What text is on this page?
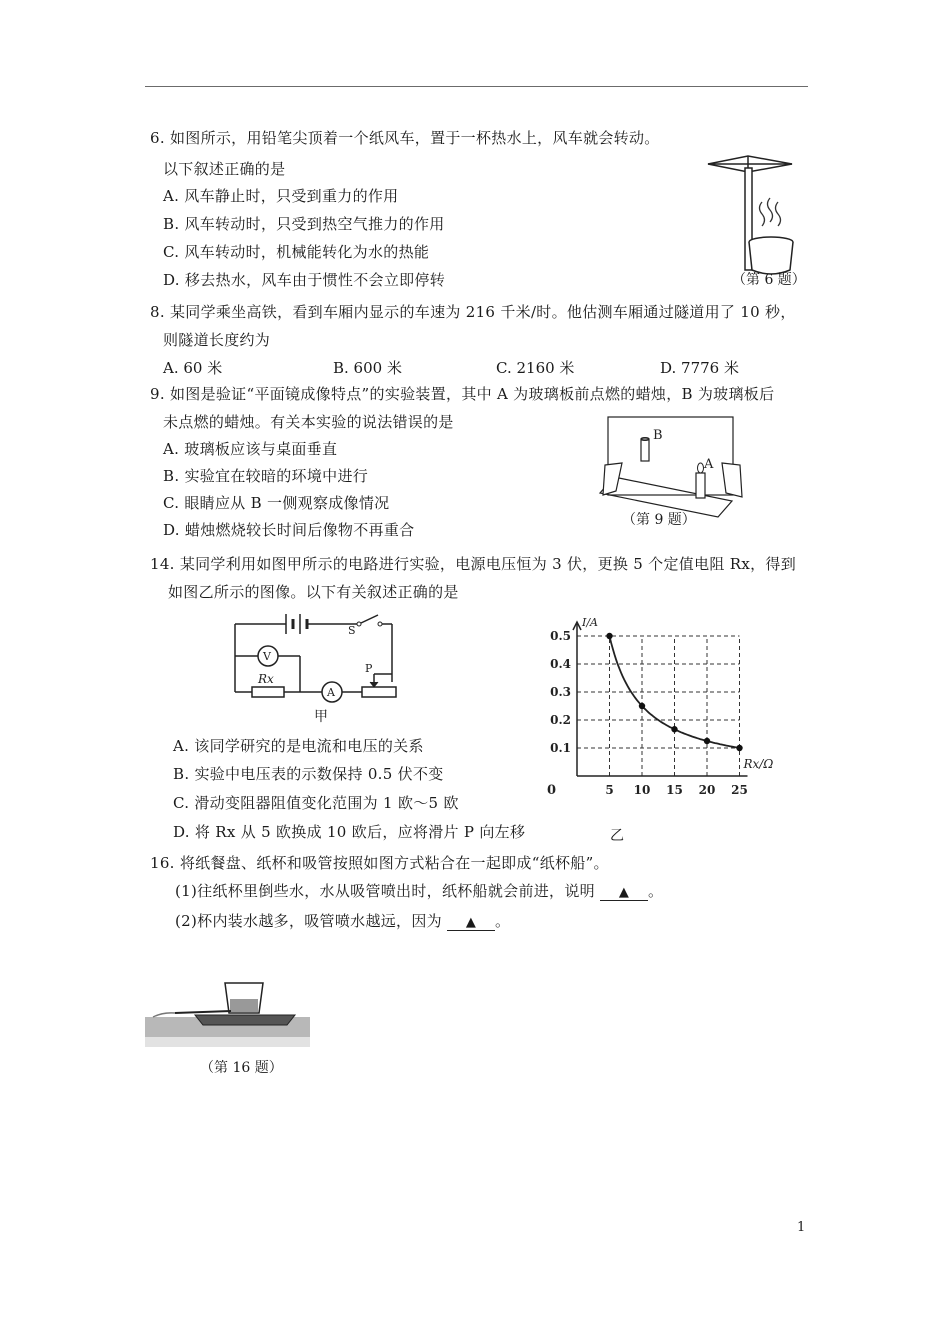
6. 如图所示，用铅笔尖顶着一个纸风车，置于一杯热水上，风车就会转动。
以下叙述正确的是
A. 风车静止时，只受到重力的作用
B. 风车转动时，只受到热空气推力的作用
C. 风车转动时，机械能转化为水的热能
D. 移去热水，风车由于惯性不会立即停转	（第 6 题）
8. 某同学乘坐高铁，看到车厢内显示的车速为 216 千米/时。他估测车厢通过隧道用了 10 秒，
则隧道长度约为
A. 60 米	B. 600 米	C. 2160 米	D. 7776 米
9. 如图是验证“平面镜成像特点”的实验装置，其中 A 为玻璃板前点燃的蜡烛，B 为玻璃板后
未点燃的蜡烛。有关本实验的说法错误的是
A. 玻璃板应该与桌面垂直
B. 实验宜在较暗的环境中进行
C. 眼睛应从 B 一侧观察成像情况
D. 蜡烛燃烧较长时间后像物不再重合
B
A
（第 9 题）
14. 某同学利用如图甲所示的电路进行实验，电源电压恒为 3 伏，更换 5 个定值电阻 Rx，得到
如图乙所示的图像。以下有关叙述正确的是
S
V
Rx
A
P
甲
A. 该同学研究的是电流和电压的关系
B. 实验中电压表的示数保持 0.5 伏不变
C. 滑动变阻器阻值变化范围为 1 欧～5 欧
D. 将 Rx 从 5 欧换成 10 欧后，应将滑片 P 向左移
5 10 15 20 25
0.1
0.2
0.3
0.4
0.5
I/A
Rx/Ω
0
乙
16. 将纸餐盘、纸杯和吸管按照如图方式粘合在一起即成“纸杯船”。
(1)往纸杯里倒些水，水从吸管喷出时，纸杯船就会前进，说明 ▲ 。
(2)杯内装水越多，吸管喷水越远，因为 ▲ 。
（第 16 题）
1
